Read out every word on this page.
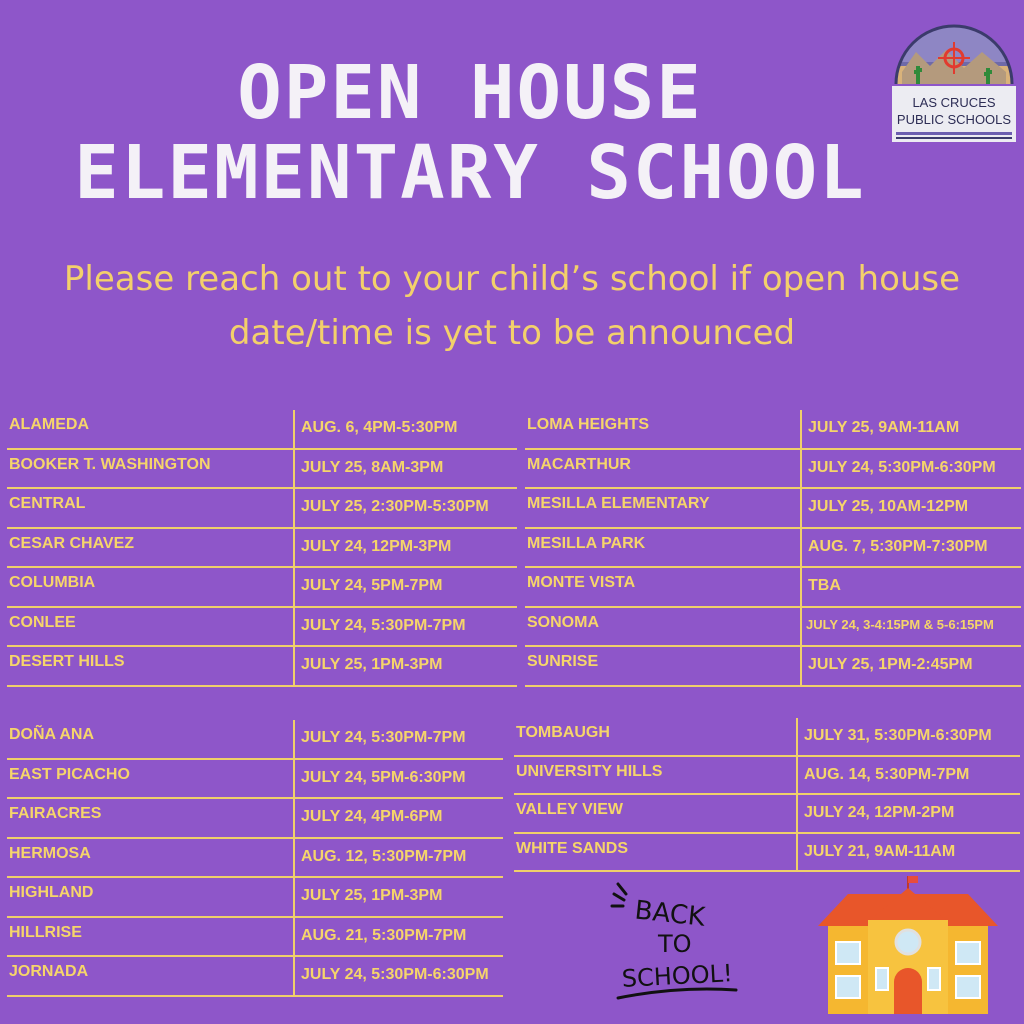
OPEN HOUSE
ELEMENTARY SCHOOL

Please reach out to your child’s school if open house
date/time is yet to be announced

LAS CRUCES
PUBLIC SCHOOLS
ALAMEDA	AUG. 6, 4PM-5:30PM
BOOKER T. WASHINGTON	JULY 25, 8AM-3PM
CENTRAL	JULY 25, 2:30PM-5:30PM
CESAR CHAVEZ	JULY 24, 12PM-3PM
COLUMBIA	JULY 24, 5PM-7PM
CONLEE	JULY 24, 5:30PM-7PM
DESERT HILLS	JULY 25, 1PM-3PM
LOMA HEIGHTS	JULY 25, 9AM-11AM
MACARTHUR	JULY 24, 5:30PM-6:30PM
MESILLA ELEMENTARY	JULY 25, 10AM-12PM
MESILLA PARK	AUG. 7, 5:30PM-7:30PM
MONTE VISTA	TBA
SONOMA	JULY 24, 3-4:15PM & 5-6:15PM
SUNRISE	JULY 25, 1PM-2:45PM
DOÑA ANA	JULY 24, 5:30PM-7PM
EAST PICACHO	JULY 24, 5PM-6:30PM
FAIRACRES	JULY 24, 4PM-6PM
HERMOSA	AUG. 12, 5:30PM-7PM
HIGHLAND	JULY 25, 1PM-3PM
HILLRISE	AUG. 21, 5:30PM-7PM
JORNADA	JULY 24, 5:30PM-6:30PM
TOMBAUGH	JULY 31, 5:30PM-6:30PM
UNIVERSITY HILLS	AUG. 14, 5:30PM-7PM
VALLEY VIEW	JULY 24, 12PM-2PM
WHITE SANDS	JULY 21, 9AM-11AM
BACK
TO
SCHOOL!
